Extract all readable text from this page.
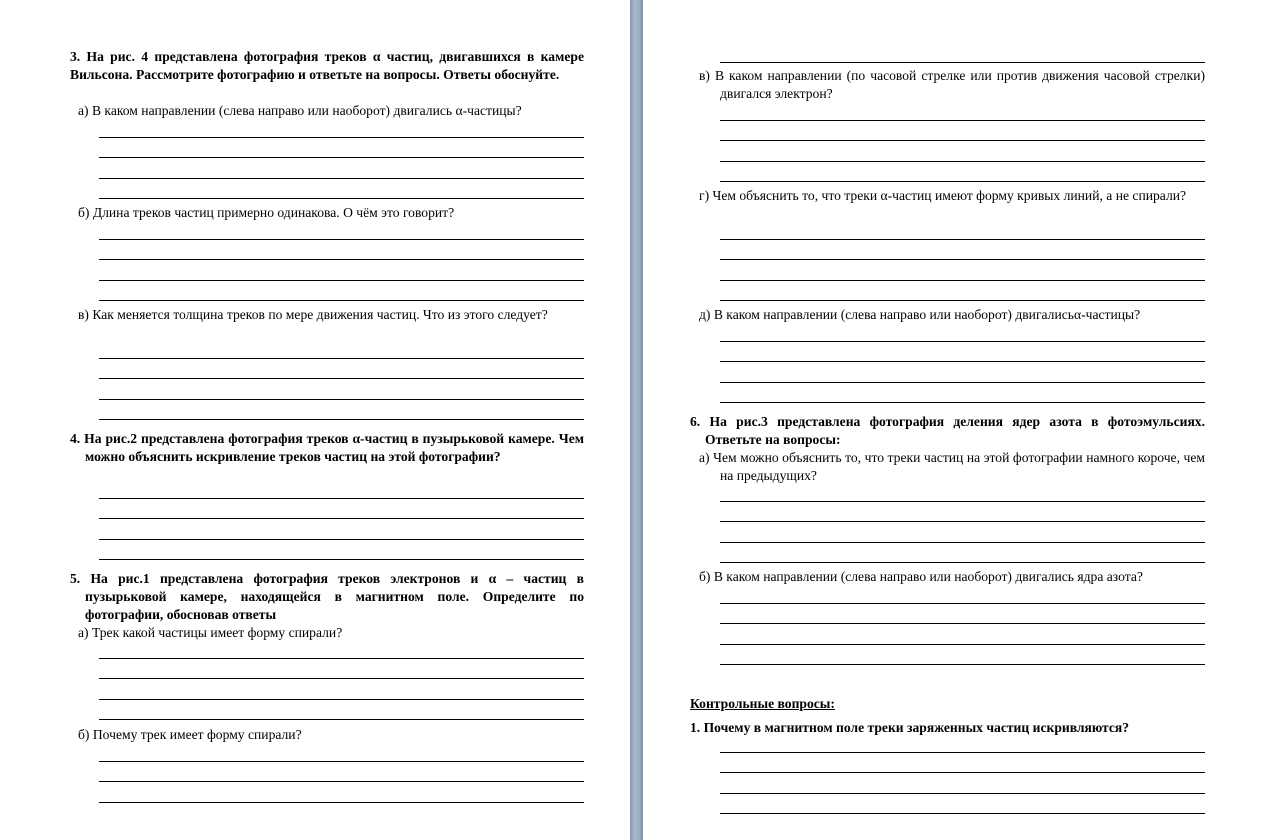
3. На рис. 4 представлена фотография треков α частиц, двигавшихся в камере Вильсона. Рассмотрите фотографию и ответьте на вопросы. Ответы обоснуйте.
а) В каком направлении (слева направо или наоборот) двигались α-частицы?
б) Длина треков частиц примерно одинакова. О чём это говорит?
в) Как меняется толщина треков по мере движения частиц. Что из этого следует?
4. На рис.2 представлена фотография треков α-частиц в пузырьковой камере. Чем можно объяснить искривление треков частиц на этой фотографии?
5. На рис.1 представлена фотография треков электронов и α – частиц в пузырьковой камере, находящейся в магнитном поле. Определите по фотографии, обосновав ответы
а) Трек какой частицы имеет форму спирали?
б) Почему трек имеет форму спирали?
в) В каком направлении (по часовой стрелке или против движения часовой стрелки) двигался электрон?
г) Чем объяснить то, что треки α-частиц имеют форму кривых линий, а не спирали?
д) В каком направлении (слева направо или наоборот) двигалисьα-частицы?
6. На рис.3 представлена фотография деления ядер азота в фотоэмульсиях. Ответьте на вопросы:
а) Чем можно объяснить то, что треки частиц на этой фотографии намного короче, чем на предыдущих?
б) В каком направлении (слева направо или наоборот) двигались ядра азота?
Контрольные вопросы:
1. Почему в магнитном поле треки заряженных частиц искривляются?
